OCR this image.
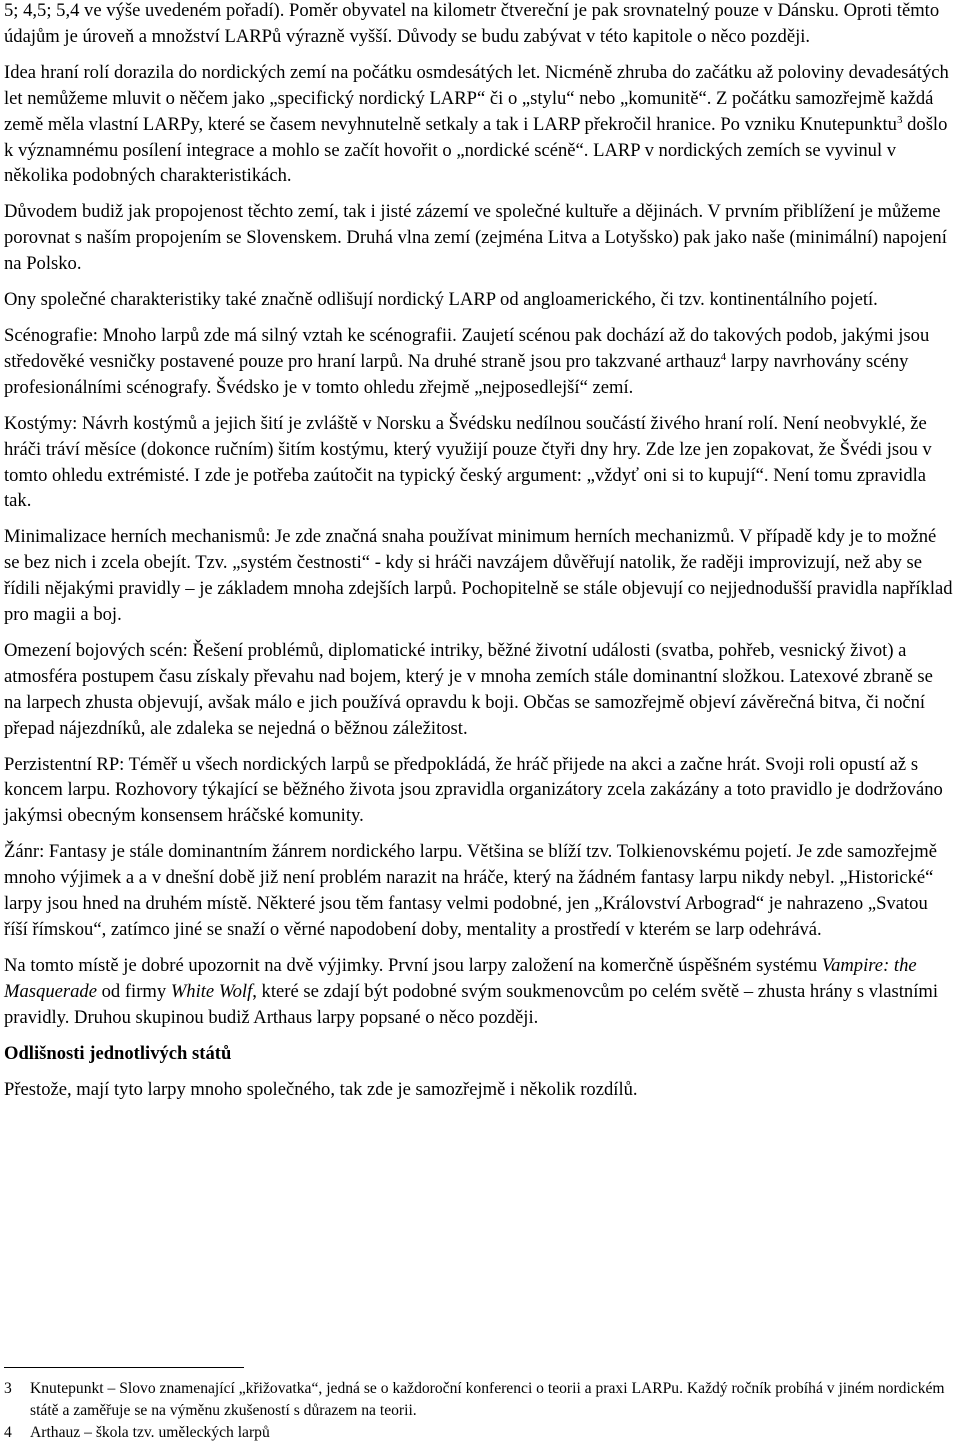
5; 4,5; 5,4 ve výše uvedeném pořadí). Poměr obyvatel na kilometr čtvereční je pak srovnatelný pouze v Dánsku. Oproti těmto údajům je úroveň a množství LARPů výrazně vyšší. Důvody se budu zabývat v této kapitole o něco později.

Idea hraní rolí dorazila do nordických zemí na počátku osmdesátých let. Nicméně zhruba do začátku až poloviny devadesátých let nemůžeme mluvit o něčem jako „specifický nordický LARP“ či o „stylu“ nebo „komunitě“. Z počátku samozřejmě každá země měla vlastní LARPy, které se časem nevyhnutelně setkaly a tak i LARP překročil hranice. Po vzniku Knutepunktu$^3$ došlo k významnému posílení integrace a mohlo se začít hovořit o „nordické scéně“. LARP v nordických zemích se vyvinul v několika podobných charakteristikách.

Důvodem budiž jak propojenost těchto zemí, tak i jisté zázemí ve společné kultuře a dějinách. V prvním přiblížení je můžeme porovnat s naším propojením se Slovenskem. Druhá vlna zemí (zejména Litva a Lotyšsko) pak jako naše (minimální) napojení na Polsko.

Ony společné charakteristiky také značně odlišují nordický LARP od angloamerického, či tzv. kontinentálního pojetí.

Scénografie: Mnoho larpů zde má silný vztah ke scénografii. Zaujetí scénou pak dochází až do takových podob, jakými jsou středověké vesničky postavené pouze pro hraní larpů. Na druhé straně jsou pro takzvané arthauz$^4$ larpy navrhovány scény profesionálními scénografy. Švédsko je v tomto ohledu zřejmě „nejposedlejší“ zemí.

Kostýmy: Návrh kostýmů a jejich šití je zvláště v Norsku a Švédsku nedílnou součástí živého hraní rolí. Není neobvyklé, že hráči tráví měsíce (dokonce ručním) šitím kostýmu, který využijí pouze čtyři dny hry. Zde lze jen zopakovat, že Švédi jsou v tomto ohledu extrémisté. I zde je potřeba zaútočit na typický český argument: „vždyť oni si to kupují“. Není tomu zpravidla tak.

Minimalizace herních mechanismů: Je zde značná snaha používat minimum herních mechanizmů. V případě kdy je to možné se bez nich i zcela obejít. Tzv. „systém čestnosti“ - kdy si hráči navzájem důvěřují natolik, že raději improvizují, než aby se řídili nějakými pravidly – je základem mnoha zdejších larpů. Pochopitelně se stále objevují co nejjednodušší pravidla například pro magii a boj.

Omezení bojových scén: Řešení problémů, diplomatické intriky, běžné životní události (svatba, pohřeb, vesnický život) a atmosféra postupem času získaly převahu nad bojem, který je v mnoha zemích stále dominantní složkou. Latexové zbraně se na larpech zhusta objevují, avšak málo e jich používá opravdu k boji. Občas se samozřejmě objeví závěrečná bitva, či noční přepad nájezdníků, ale zdaleka se nejedná o běžnou záležitost.

Perzistentní RP: Téměř u všech nordických larpů se předpokládá, že hráč přijede na akci a začne hrát. Svoji roli opustí až s koncem larpu. Rozhovory týkající se běžného života jsou zpravidla organizátory zcela zakázány a toto pravidlo je dodržováno jakýmsi obecným konsensem hráčské komunity.

Žánr: Fantasy je stále dominantním žánrem nordického larpu. Většina se blíží tzv. Tolkienovskému pojetí. Je zde samozřejmě mnoho výjimek a a v dnešní době již není problém narazit na hráče, který na žádném fantasy larpu nikdy nebyl. „Historické“ larpy jsou hned na druhém místě. Některé jsou těm fantasy velmi podobné, jen „Království Arbograd“ je nahrazeno „Svatou říší římskou“, zatímco jiné se snaží o věrné napodobení doby, mentality a prostředí v kterém se larp odehrává.

Na tomto místě je dobré upozornit na dvě výjimky. První jsou larpy založení na komerčně úspěšném systému Vampire: the Masquerade od firmy White Wolf, které se zdají být podobné svým soukmenovcům po celém světě – zhusta hrány s vlastními pravidly. Druhou skupinou budiž Arthaus larpy popsané o něco později.

Odlišnosti jednotlivých států

Přestože, mají tyto larpy mnoho společného, tak zde je samozřejmě i několik rozdílů.

3	Knutepunkt – Slovo znamenající „křižovatka“, jedná se o každoroční konferenci o teorii a praxi LARPu. Každý ročník probíhá v jiném nordickém státě a zaměřuje se na výměnu zkušeností s důrazem na teorii.
4	Arthauz – škola tzv. uměleckých larpů
